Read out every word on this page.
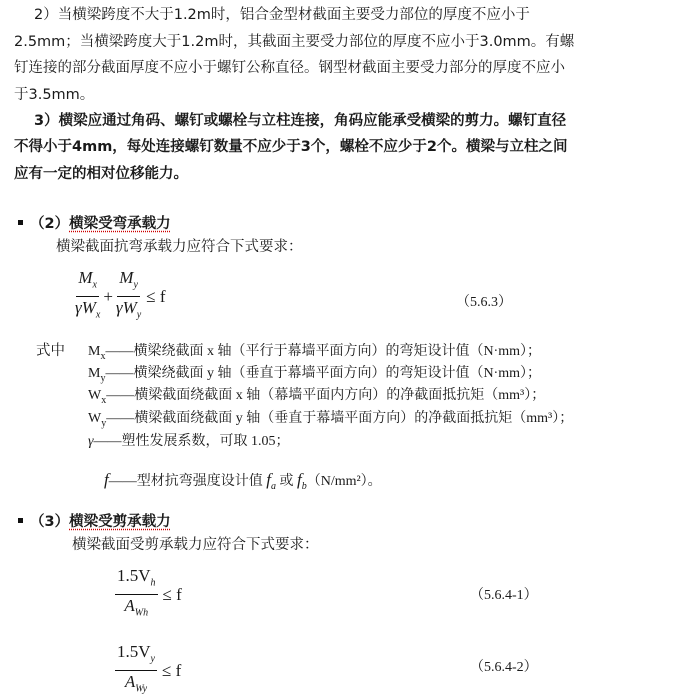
2）当横梁跨度不大于1.2m时，铝合金型材截面主要受力部位的厚度不应小于
2.5mm；当横梁跨度大于1.2m时，其截面主要受力部位的厚度不应小于3.0mm。有螺
钉连接的部分截面厚度不应小于螺钉公称直径。钢型材截面主要受力部分的厚度不应小
于3.5mm。
3）横梁应通过角码、螺钉或螺栓与立柱连接，角码应能承受横梁的剪力。螺钉直径
不得小于4mm，每处连接螺钉数量不应少于3个，螺栓不应少于2个。横梁与立柱之间
应有一定的相对位移能力。
（2）横梁受弯承载力
横梁截面抗弯承载力应符合下式要求：
$\frac{M_x}{\gamma W_x} + \frac{M_y}{\gamma W_y} \le f$	（5.6.3）
式中 $M_x——$横梁绕截面 x 轴（平行于幕墙平面方向）的弯矩设计值（N·mm）；
$M_y——$横梁绕截面 y 轴（垂直于幕墙平面方向）的弯矩设计值（N·mm）；
$W_x——$横梁截面绕截面 x 轴（幕墙平面内方向）的净截面抵抗矩（mm³）；
$W_y——$横梁截面绕截面 y 轴（垂直于幕墙平面方向）的净截面抵抗矩（mm³）；
γ——塑性发展系数，可取 1.05；
f——型材抗弯强度设计值 $f_a$ 或 $f_b(N/mm^2)$。
（3）横梁受剪承载力
横梁截面受剪承载力应符合下式要求：
$\frac{1.5V_h}{A_{Wh}} \le f$	（5.6.4-1）
$\frac{1.5V_y}{A_{Wy}} \le f$	（5.6.4-2）
